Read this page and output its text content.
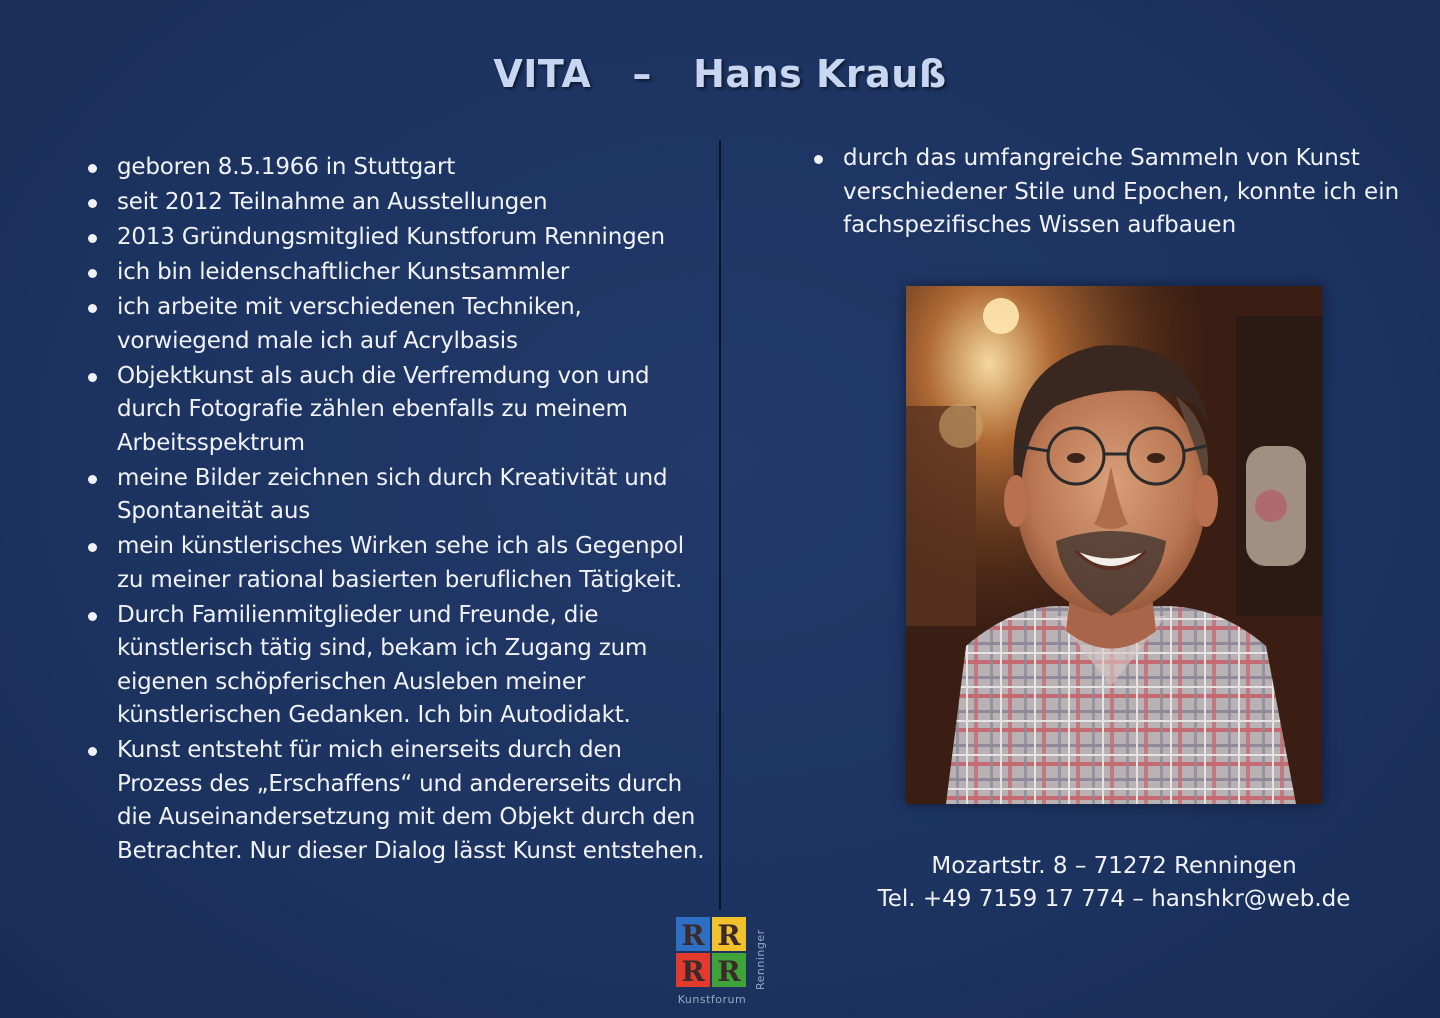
VITA   –   Hans Krauß
geboren 8.5.1966 in Stuttgart
seit 2012 Teilnahme an Ausstellungen
2013 Gründungsmitglied Kunstforum Renningen
ich bin leidenschaftlicher Kunstsammler
ich arbeite mit verschiedenen Techniken, vorwiegend male ich auf Acrylbasis
Objektkunst als auch die Verfremdung von und durch Fotografie zählen ebenfalls zu meinem Arbeitsspektrum
meine Bilder zeichnen sich durch Kreativität und Spontaneität aus
mein künstlerisches Wirken sehe ich als Gegenpol zu meiner rational basierten beruflichen Tätigkeit.
Durch Familienmitglieder und Freunde, die künstlerisch tätig sind, bekam ich Zugang zum eigenen schöpferischen Ausleben meiner künstlerischen Gedanken. Ich bin Autodidakt.
Kunst entsteht für mich einerseits durch den Prozess des „Erschaffens“ und andererseits durch die Auseinandersetzung mit dem Objekt durch den Betrachter. Nur dieser Dialog lässt Kunst entstehen.
durch das umfangreiche Sammeln von Kunst verschiedener Stile und Epochen, konnte ich ein fachspezifisches Wissen aufbauen
Mozartstr. 8 – 71272 Renningen
Tel. +49 7159 17 774 – hanshkr@web.de
R R
R R
Kunstforum
Renninger
